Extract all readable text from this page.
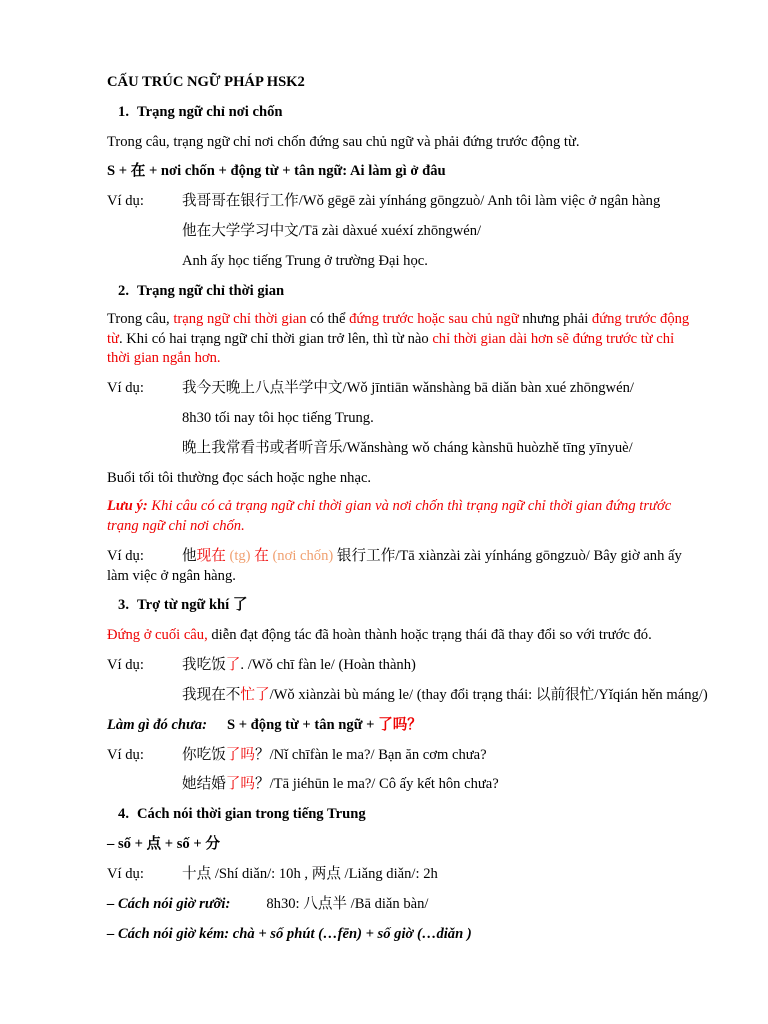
CẤU TRÚC NGỮ PHÁP HSK2
1. Trạng ngữ chỉ nơi chốn
Trong câu, trạng ngữ chỉ nơi chốn đứng sau chủ ngữ và phải đứng trước động từ.
S + 在 + nơi chốn + động từ + tân ngữ: Ai làm gì ở đâu
Ví dụ:	我哥哥在银行工作/Wǒ gēgē zài yínháng gōngzuò/ Anh tôi làm việc ở ngân hàng
他在大学学习中文/Tā zài dàxué xuéxí zhōngwén/
Anh ấy học tiếng Trung ở trường Đại học.
2. Trạng ngữ chỉ thời gian
Trong câu, trạng ngữ chỉ thời gian có thể đứng trước hoặc sau chủ ngữ nhưng phải đứng trước động từ. Khi có hai trạng ngữ chỉ thời gian trở lên, thì từ nào chỉ thời gian dài hơn sẽ đứng trước từ chỉ thời gian ngắn hơn.
Ví dụ:	我今天晚上八点半学中文/Wǒ jīntiān wǎnshàng bā diǎn bàn xué zhōngwén/
8h30 tối nay tôi học tiếng Trung.
晚上我常看书或者听音乐/Wǎnshàng wǒ cháng kànshū huòzhě tīng yīnyuè/
Buổi tối tôi thường đọc sách hoặc nghe nhạc.
Lưu ý: Khi câu có cả trạng ngữ chỉ thời gian và nơi chốn thì trạng ngữ chỉ thời gian đứng trước trạng ngữ chỉ nơi chốn.
Ví dụ:	他现在 (tg) 在 (nơi chốn) 银行工作/Tā xiànzài zài yínháng gōngzuò/ Bây giờ anh ấy làm việc ở ngân hàng.
3. Trợ từ ngữ khí 了
Đứng ở cuối câu, diễn đạt động tác đã hoàn thành hoặc trạng thái đã thay đổi so với trước đó.
Ví dụ:	我吃饭了. /Wǒ chī fàn le/ (Hoàn thành)
我现在不忙了/Wǒ xiànzài bù máng le/ (thay đổi trạng thái: 以前很忙/Yǐqián hěn máng/)
Làm gì đó chưa: S + động từ + tân ngữ + 了吗？
Ví dụ:	你吃饭了吗？/Nǐ chīfàn le ma?/ Bạn ăn cơm chưa?
她结婚了吗？/Tā jiéhūn le ma?/ Cô ấy kết hôn chưa?
4. Cách nói thời gian trong tiếng Trung
– số + 点 + số + 分
Ví dụ:	十点 /Shí diǎn/: 10h , 两点 /Liǎng diǎn/: 2h
– Cách nói giờ rưỡi: 8h30: 八点半 /Bā diǎn bàn/
– Cách nói giờ kém: chà + số phút (…fēn) + số giờ (…diǎn )
